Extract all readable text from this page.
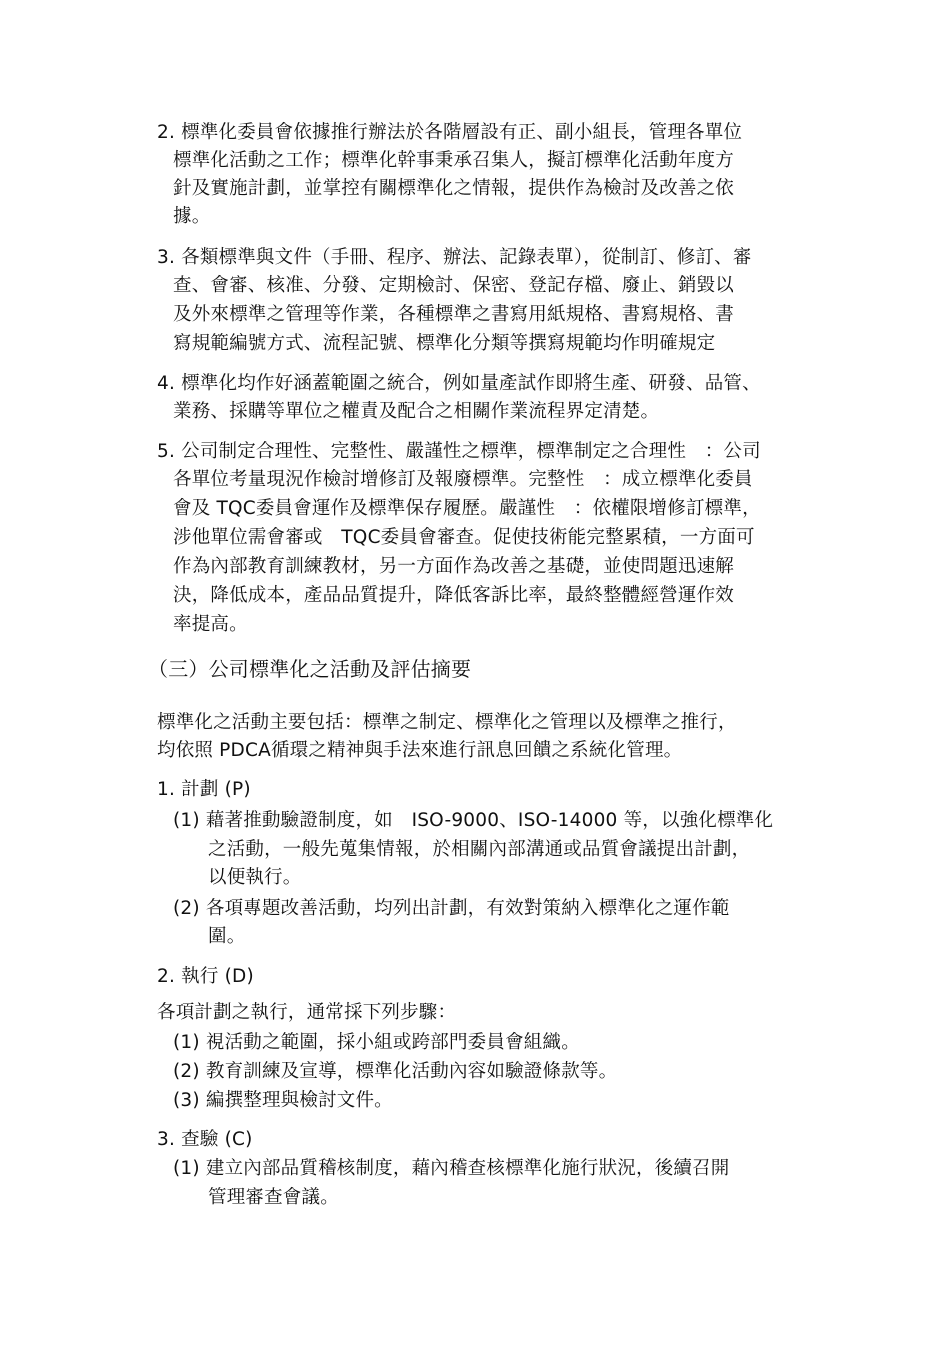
2. 標準化委員會依據推行辦法於各階層設有正、副小組長，管理各單位
標準化活動之工作；標準化幹事秉承召集人，擬訂標準化活動年度方
針及實施計劃，並掌控有關標準化之情報，提供作為檢討及改善之依
據。
3. 各類標準與文件（手冊、程序、辦法、記錄表單），從制訂、修訂、審
查、會審、核准、分發、定期檢討、保密、登記存檔、廢止、銷毀以
及外來標準之管理等作業，各種標準之書寫用紙規格、書寫規格、書
寫規範編號方式、流程記號、標準化分類等撰寫規範均作明確規定
4. 標準化均作好涵蓋範圍之統合，例如量產試作即將生產、研發、品管、
業務、採購等單位之權責及配合之相關作業流程界定清楚。
5. 公司制定合理性、完整性、嚴謹性之標準，標準制定之合理性　：公司
各單位考量現況作檢討增修訂及報廢標準。完整性　：成立標準化委員
會及 TQC委員會運作及標準保存履歷。嚴謹性　：依權限增修訂標準，
涉他單位需會審或　TQC委員會審查。促使技術能完整累積，一方面可
作為內部教育訓練教材，另一方面作為改善之基礎，並使問題迅速解
決，降低成本，產品品質提升，降低客訴比率，最終整體經營運作效
率提高。
（三）公司標準化之活動及評估摘要
標準化之活動主要包括：標準之制定、標準化之管理以及標準之推行，
均依照 PDCA循環之精神與手法來進行訊息回饋之系統化管理。
1. 計劃 (P)
(1) 藉著推動驗證制度，如　ISO-9000、ISO-14000 等，以強化標準化
之活動，一般先蒐集情報，於相關內部溝通或品質會議提出計劃，
以便執行。
(2) 各項專題改善活動，均列出計劃，有效對策納入標準化之運作範
圍。
2. 執行 (D)
各項計劃之執行，通常採下列步驟：
(1) 視活動之範圍，採小組或跨部門委員會組織。
(2) 教育訓練及宣導，標準化活動內容如驗證條款等。
(3) 編撰整理與檢討文件。
3. 查驗 (C)
(1) 建立內部品質稽核制度，藉內稽查核標準化施行狀況，後續召開
管理審查會議。
